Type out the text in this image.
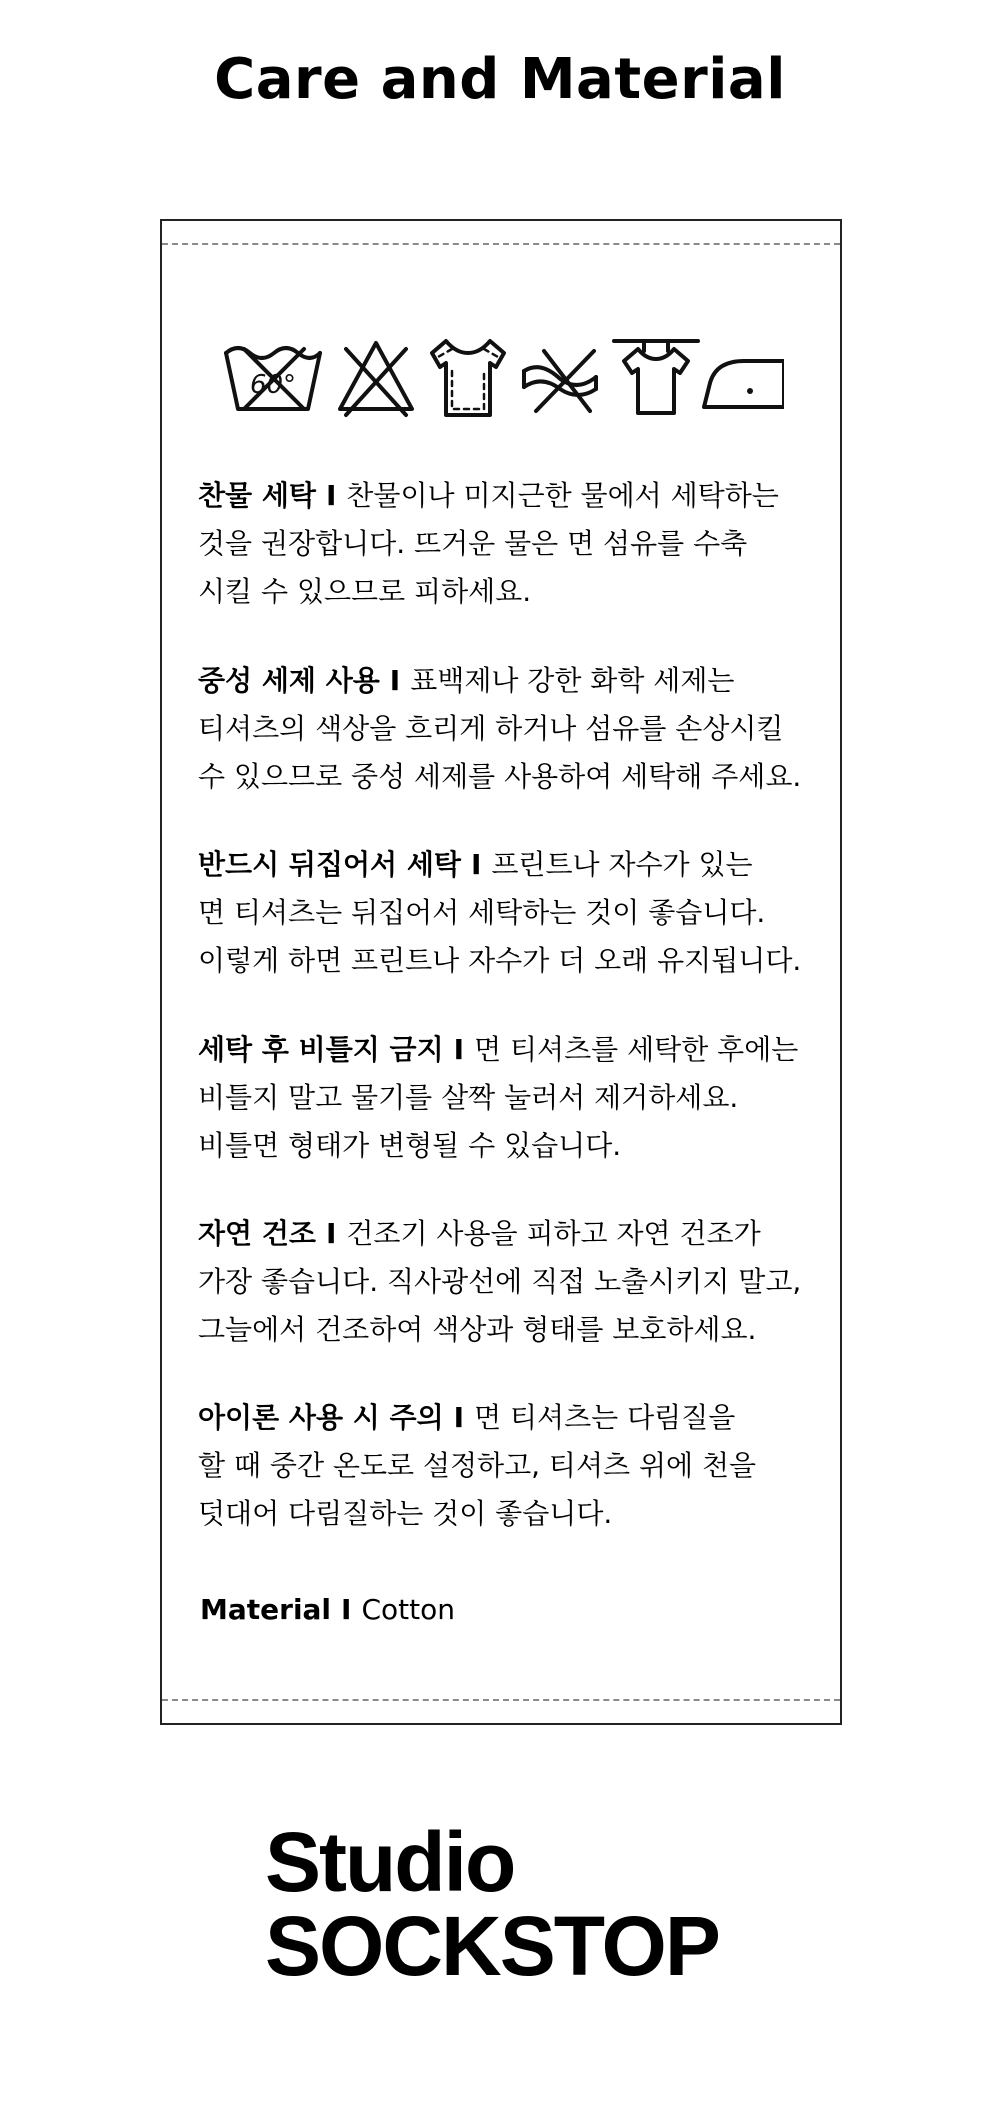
Care and Material
60°
찬물 세탁 I 찬물이나 미지근한 물에서 세탁하는
것을 권장합니다. 뜨거운 물은 면 섬유를 수축
시킬 수 있으므로 피하세요.
중성 세제 사용 I 표백제나 강한 화학 세제는
티셔츠의 색상을 흐리게 하거나 섬유를 손상시킬
수 있으므로 중성 세제를 사용하여 세탁해 주세요.
반드시 뒤집어서 세탁 I 프린트나 자수가 있는
면 티셔츠는 뒤집어서 세탁하는 것이 좋습니다.
이렇게 하면 프린트나 자수가 더 오래 유지됩니다.
세탁 후 비틀지 금지 I 면 티셔츠를 세탁한 후에는
비틀지 말고 물기를 살짝 눌러서 제거하세요.
비틀면 형태가 변형될 수 있습니다.
자연 건조 I 건조기 사용을 피하고 자연 건조가
가장 좋습니다. 직사광선에 직접 노출시키지 말고,
그늘에서 건조하여 색상과 형태를 보호하세요.
아이론 사용 시 주의 I 면 티셔츠는 다림질을
할 때 중간 온도로 설정하고, 티셔츠 위에 천을
덧대어 다림질하는 것이 좋습니다.
Material I Cotton
Studio
SOCKSTOP
